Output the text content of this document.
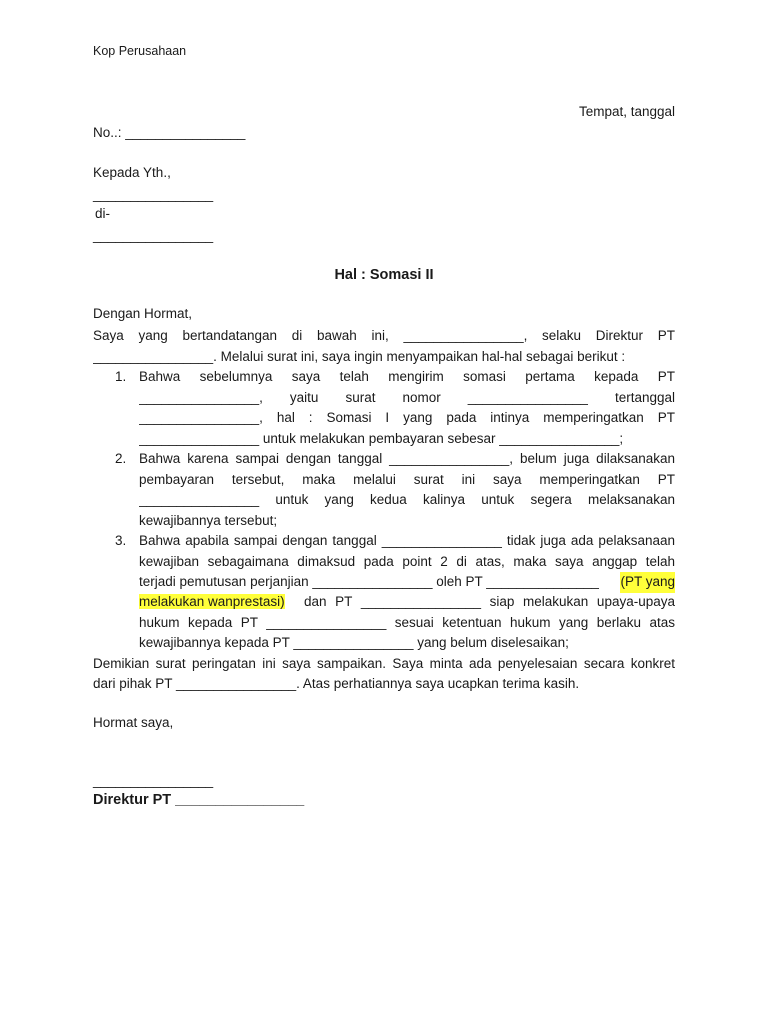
Kop Perusahaan
Tempat, tanggal
No..: ________________
Kepada Yth.,
________________
di-
________________
Hal : Somasi II
Dengan Hormat,
Saya yang bertandatangan di bawah ini, ________________, selaku Direktur PT
________________. Melalui surat ini, saya ingin menyampaikan hal-hal sebagai berikut :
1. Bahwa sebelumnya saya telah mengirim somasi pertama kepada PT
________________, yaitu surat nomor ________________ tertanggal
________________, hal : Somasi I yang pada intinya memperingatkan PT
________________ untuk melakukan pembayaran sebesar ________________;
2. Bahwa karena sampai dengan tanggal ________________, belum juga dilaksanakan
pembayaran tersebut, maka melalui surat ini saya memperingatkan PT
________________ untuk yang kedua kalinya untuk segera melaksanakan
kewajibannya tersebut;
3. Bahwa apabila sampai dengan tanggal ________________ tidak juga ada pelaksanaan
kewajiban sebagaimana dimaksud pada point 2 di atas, maka saya anggap telah
terjadi pemutusan perjanjian ________________ oleh PT _______________ (PT yang
melakukan wanprestasi) dan PT ________________ siap melakukan upaya-upaya
hukum kepada PT ________________ sesuai ketentuan hukum yang berlaku atas
kewajibannya kepada PT ________________ yang belum diselesaikan;
Demikian surat peringatan ini saya sampaikan. Saya minta ada penyelesaian secara konkret
dari pihak PT ________________. Atas perhatiannya saya ucapkan terima kasih.
Hormat saya,
________________
Direktur PT ________________
